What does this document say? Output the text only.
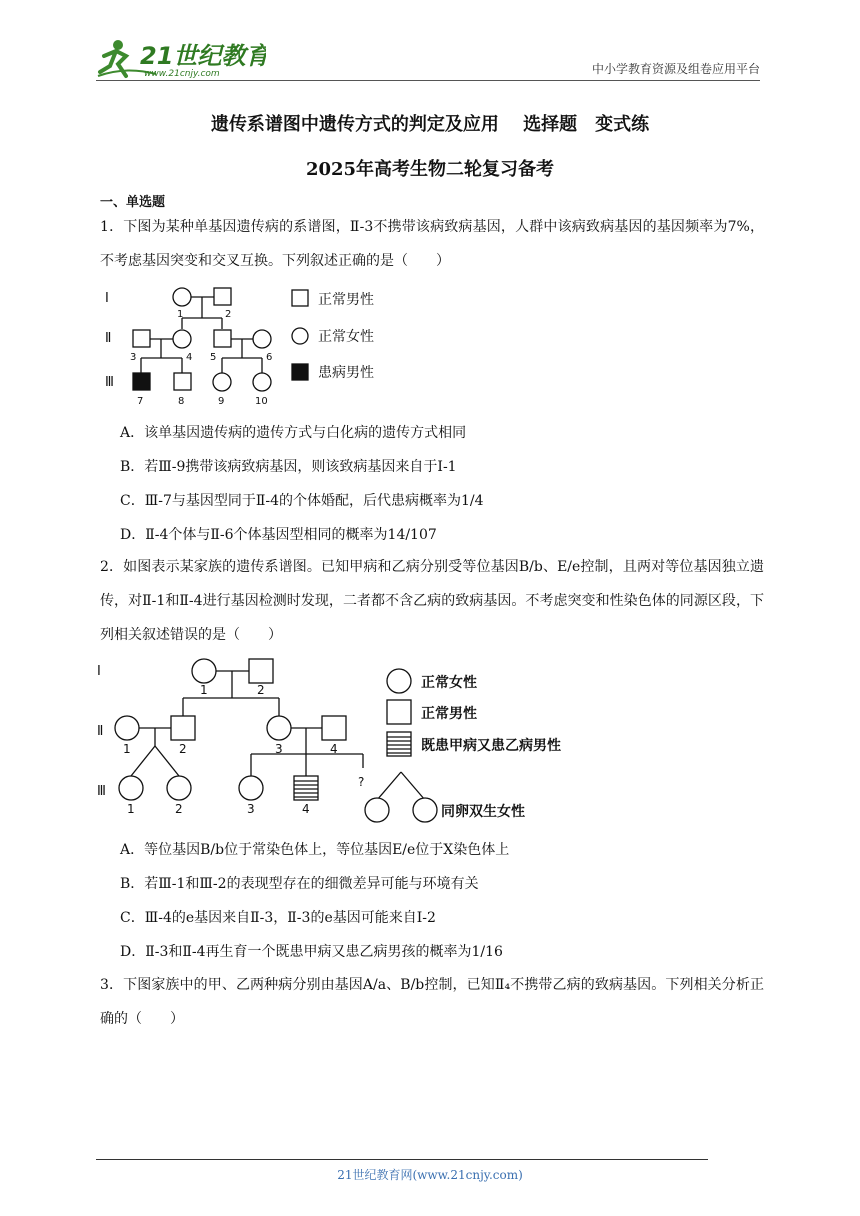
21世纪教育
www.21cnjy.com	中小学教育资源及组卷应用平台
遗传系谱图中遗传方式的判定及应用　 选择题　变式练
2025年高考生物二轮复习备考
一、单选题
1．下图为某种单基因遗传病的系谱图，Ⅱ-3不携带该病致病基因，人群中该病致病基因的基因频率为7%，不考虑基因突变和交叉互换。下列叙述正确的是（　　）
Ⅰ
Ⅱ
Ⅲ
1	2
3	4 5	6
7	8	9	10
正常男性
正常女性
患病男性
A．该单基因遗传病的遗传方式与白化病的遗传方式相同
B．若Ⅲ-9携带该病致病基因，则该致病基因来自于Ⅰ-1
C．Ⅲ-7与基因型同于Ⅱ-4的个体婚配，后代患病概率为1/4
D．Ⅱ-4个体与Ⅱ-6个体基因型相同的概率为14/107
2．如图表示某家族的遗传系谱图。已知甲病和乙病分别受等位基因B/b、E/e控制，且两对等位基因独立遗传，对Ⅱ-1和Ⅱ-4进行基因检测时发现，二者都不含乙病的致病基因。不考虑突变和性染色体的同源区段，下列相关叙述错误的是（　　）
Ⅰ
Ⅱ
Ⅲ
1	2
1	2	3	4
1	2	3	4
?
正常女性
正常男性
既患甲病又患乙病男性
同卵双生女性
A．等位基因B/b位于常染色体上，等位基因E/e位于X染色体上
B．若Ⅲ-1和Ⅲ-2的表现型存在的细微差异可能与环境有关
C．Ⅲ-4的e基因来自Ⅱ-3，Ⅱ-3的e基因可能来自Ⅰ-2
D．Ⅱ-3和Ⅱ-4再生育一个既患甲病又患乙病男孩的概率为1/16
3．下图家族中的甲、乙两种病分别由基因A/a、B/b控制，已知Ⅱ₄不携带乙病的致病基因。下列相关分析正确的（　　）
21世纪教育网(www.21cnjy.com)
